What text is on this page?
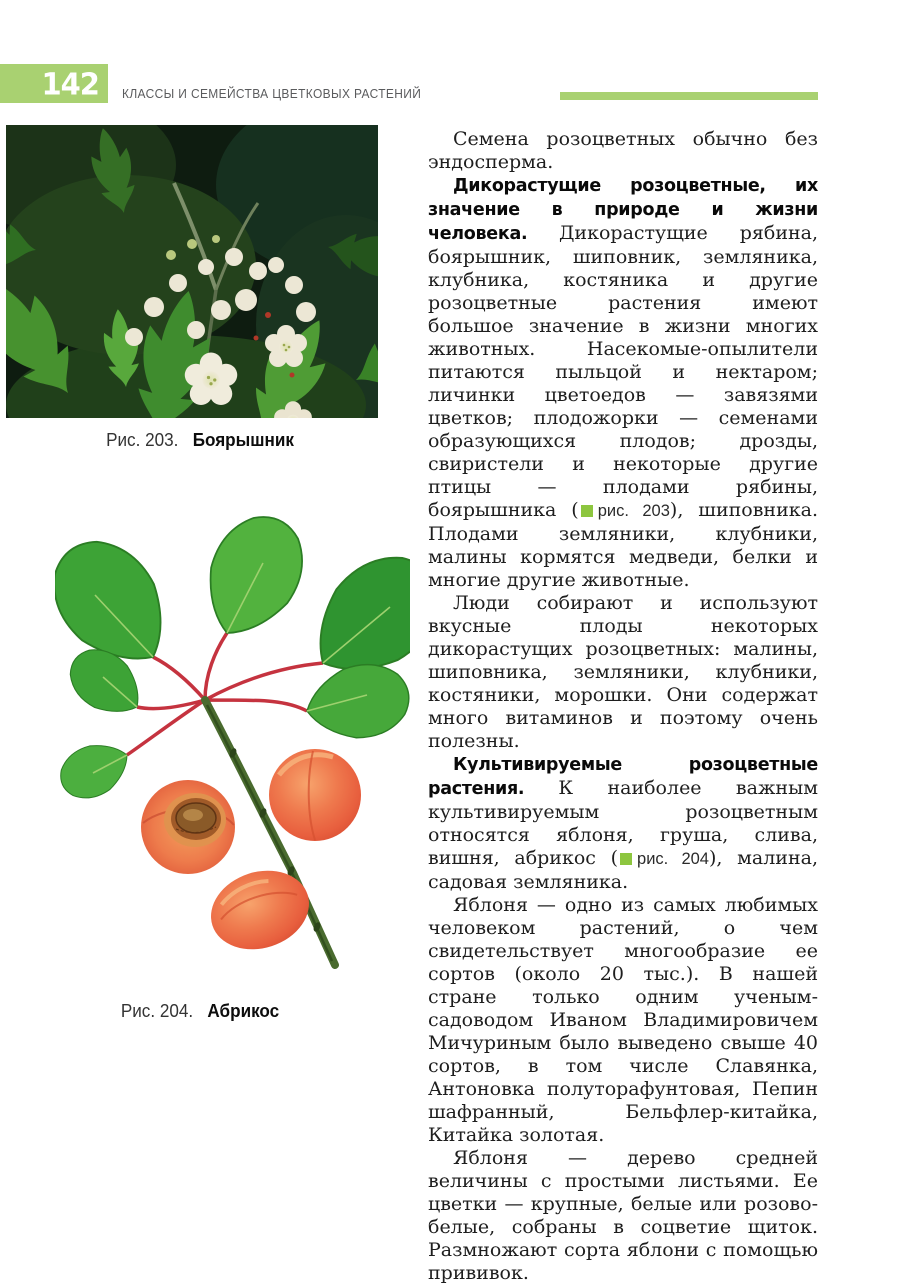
142 КЛАССЫ И СЕМЕЙСТВА ЦВЕТКОВЫХ РАСТЕНИЙ
Рис. 203. Боярышник
Рис. 204. Абрикос

Семена розоцветных обычно без эндосперма.

Дикорастущие розоцветные, их значение в природе и жизни человека. Дикорастущие рябина, боярышник, шиповник, земляника, клубника, костяника и другие розоцветные растения имеют большое значение в жизни многих животных. Насекомые-опылители питаются пыльцой и нектаром; личинки цветоедов — завязями цветков; плодожорки — семенами образующихся плодов; дрозды, свиристели и некоторые другие птицы — плодами рябины, боярышника ( рис. 203), шиповника. Плодами земляники, клубники, малины кормятся медведи, белки и многие другие животные.

Люди собирают и используют вкусные плоды некоторых дикорастущих розоцветных: малины, шиповника, земляники, клубники, костяники, морошки. Они содержат много витаминов и поэтому очень полезны.

Культивируемые розоцветные растения. К наиболее важным культивируемым розоцветным относятся яблоня, груша, слива, вишня, абрикос ( рис. 204), малина, садовая земляника.

Яблоня — одно из самых любимых человеком растений, о чем свидетельствует многообразие ее сортов (около 20 тыс.). В нашей стране только одним ученым-садоводом Иваном Владимировичем Мичуриным было выведено свыше 40 сортов, в том числе Славянка, Антоновка полуторафунтовая, Пепин шафранный, Бельфлер-китайка, Китайка золотая.

Яблоня — дерево средней величины с простыми листьями. Ее цветки — крупные, белые или розово-белые, собраны в соцветие щиток. Размножают сорта яблони с помощью прививок.
